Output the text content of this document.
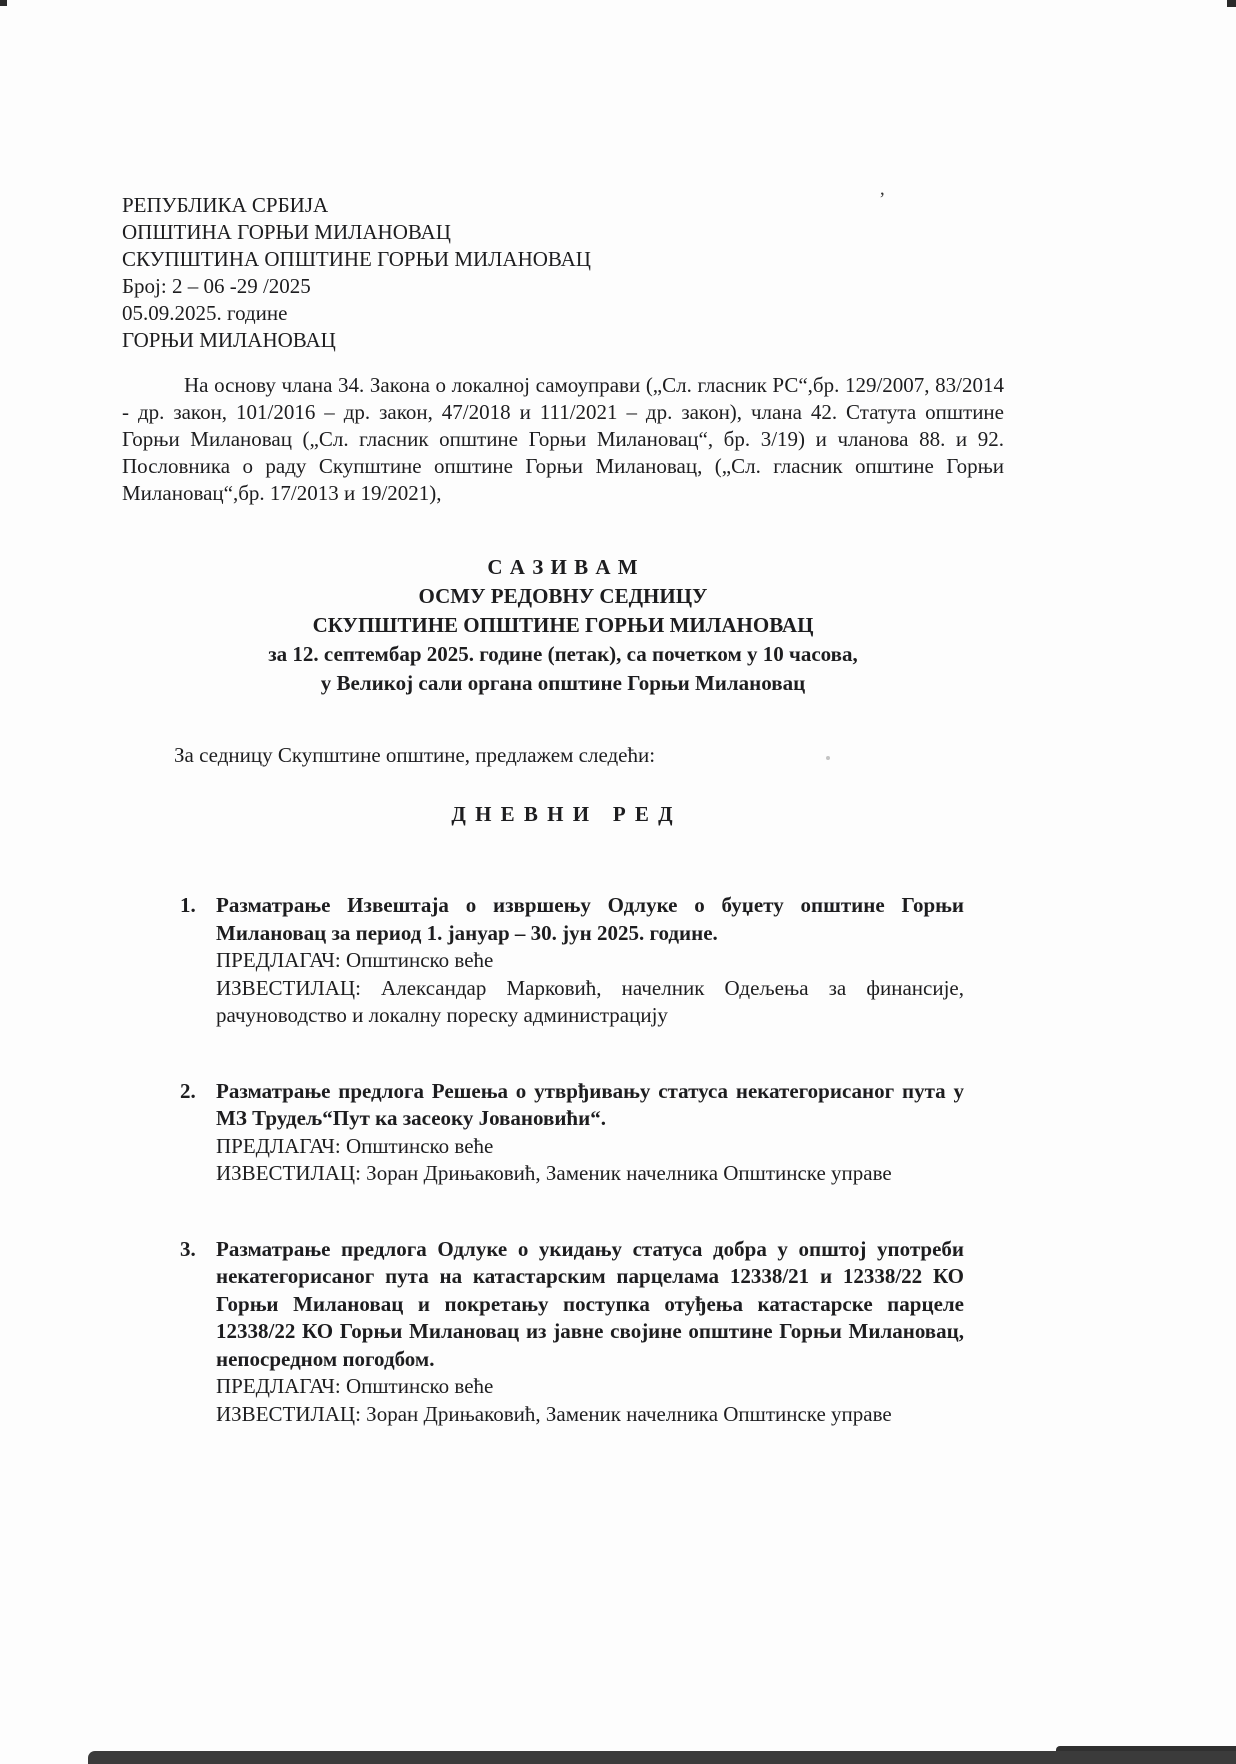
’
РЕПУБЛИКА СРБИЈА
ОПШТИНА ГОРЊИ МИЛАНОВАЦ
СКУПШТИНА ОПШТИНЕ ГОРЊИ МИЛАНОВАЦ
Број: 2 – 06 -29 /2025
05.09.2025. године
ГОРЊИ МИЛАНОВАЦ

На основу члана 34. Закона о локалној самоуправи („Сл. гласник РС“,бр. 129/2007, 83/2014 - др. закон, 101/2016 – др. закон, 47/2018 и 111/2021 – др. закон), члана 42. Статута општине Горњи Милановац („Сл. гласник општине Горњи Милановац“, бр. 3/19) и чланова 88. и 92. Пословника о раду Скупштине општине Горњи Милановац, („Сл. гласник општине Горњи Милановац“,бр. 17/2013 и 19/2021),

С А З И В А М
ОСМУ РЕДОВНУ СЕДНИЦУ
СКУПШТИНЕ ОПШТИНЕ ГОРЊИ МИЛАНОВАЦ
за 12. септембар 2025. године (петак), са почетком у 10 часова,
у Великој сали органа општине Горњи Милановац

За седницу Скупштине општине, предлажем следећи:

Д Н Е В Н И   Р Е Д
1. Разматрање Извештаја о извршењу Одлуке о буџету општине Горњи Милановац за период 1. јануар – 30. јун 2025. године.
ПРЕДЛАГАЧ: Општинско веће
ИЗВЕСТИЛАЦ: Александар Марковић, начелник Одељења за финансије, рачуноводство и локалну пореску администрацију
2. Разматрање предлога Решења о утврђивању статуса некатегорисаног пута у МЗ Трудељ“Пут ка засеоку Јовановићи“.
ПРЕДЛАГАЧ: Општинско веће
ИЗВЕСТИЛАЦ: Зоран Дрињаковић, Заменик начелника Општинске управе
3. Разматрање предлога Одлуке о укидању статуса добра у општој употреби некатегорисаног пута на катастарским парцелама 12338/21 и 12338/22 КО Горњи Милановац и покретању поступка отуђења катастарске парцеле 12338/22 КО Горњи Милановац из јавне својине општине Горњи Милановац, непосредном погодбом.
ПРЕДЛАГАЧ: Општинско веће
ИЗВЕСТИЛАЦ: Зоран Дрињаковић, Заменик начелника Општинске управе
